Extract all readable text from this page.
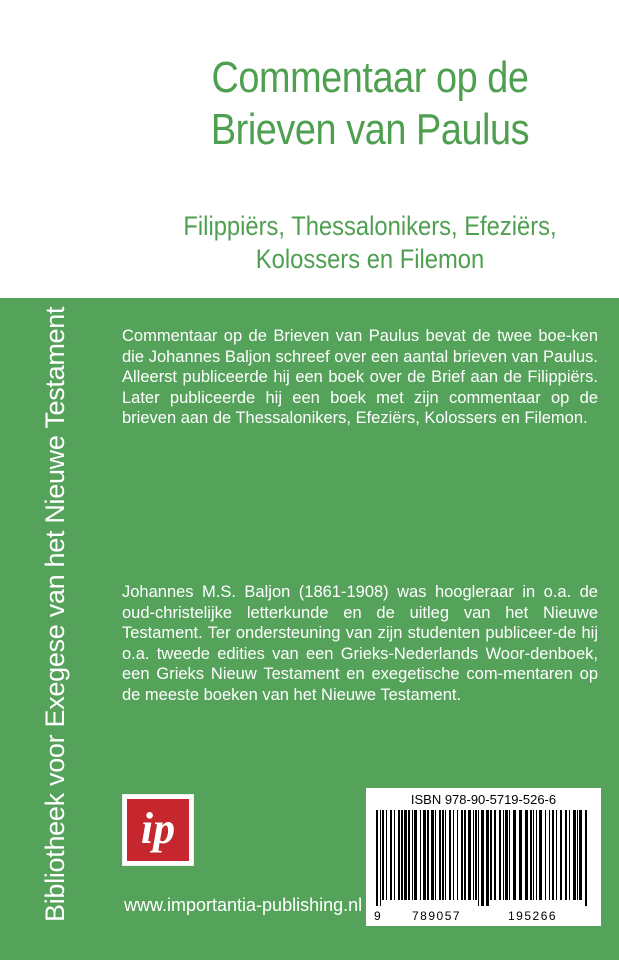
Commentaar op de
Brieven van Paulus
Filippiërs, Thessalonikers, Efeziërs,
Kolossers en Filemon
Bibliotheek voor Exegese van het Nieuwe Testament	Commentaar op de Brieven van Paulus bevat de twee boe-ken die Johannes Baljon schreef over een aantal brieven van Paulus. Alleerst publiceerde hij een boek over de Brief aan de Filippiërs. Later publiceerde hij een boek met zijn commentaar op de brieven aan de Thessalonikers, Efeziërs, Kolossers en Filemon.
Johannes M.S. Baljon (1861-1908) was hoogleraar in o.a. de oud-christelijke letterkunde en de uitleg van het Nieuwe Testament. Ter ondersteuning van zijn studenten publiceer-de hij o.a. tweede edities van een Grieks-Nederlands Woor-denboek, een Grieks Nieuw Testament en exegetische com-mentaren op de meeste boeken van het Nieuwe Testament.
ip
www.importantia-publishing.nl
ISBN 978-90-5719-526-6
9	789057	195266
